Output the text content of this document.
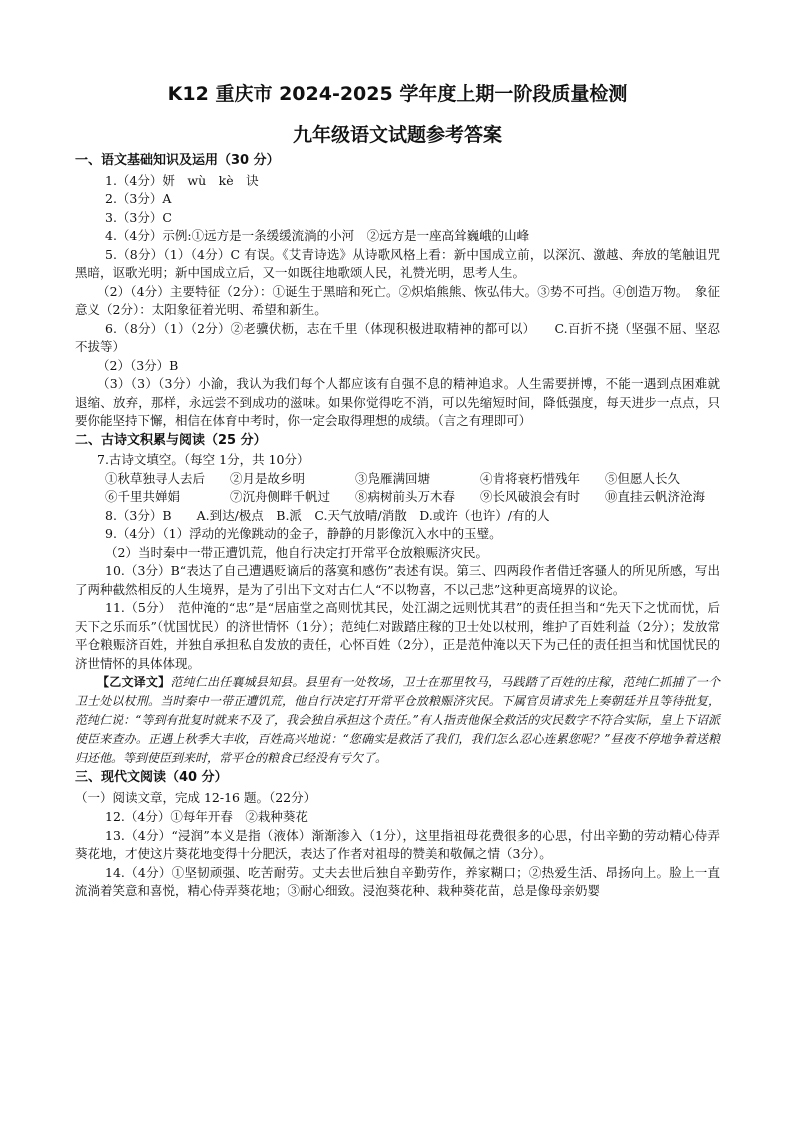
K12 重庆市 2024-2025 学年度上期一阶段质量检测

九年级语文试题参考答案

一、语文基础知识及运用（30 分）

1.（4分）妍　wù　kè　诀

2.（3分）A

3.（3分）C

4.（4分）示例:①远方是一条缓缓流淌的小河　②远方是一座高耸巍峨的山峰

5.（8分）（1）（4分）C 有误。《艾青诗选》从诗歌风格上看：新中国成立前，以深沉、激越、奔放的笔触诅咒黑暗，讴歌光明；新中国成立后，又一如既往地歌颂人民，礼赞光明，思考人生。

（2）（4分）主要特征（2分）：①诞生于黑暗和死亡。②炽焰熊熊、恢弘伟大。③势不可挡。④创造万物。　象征意义（2分）：太阳象征着光明、希望和新生。

6.（8分）（1）（2分）②老骥伏枥，志在千里（体现积极进取精神的都可以）　　C.百折不挠（坚强不屈、坚忍不拔等）

（2）（3分）B

（3）（3）（3分）小渝，我认为我们每个人都应该有自强不息的精神追求。人生需要拼博，不能一遇到点困难就退缩、放弃，那样，永远尝不到成功的滋味。如果你觉得吃不消，可以先缩短时间，降低强度，每天进步一点点，只要你能坚持下懈，相信在体育中考时，你一定会取得理想的成绩。（言之有理即可）

二、古诗文积累与阅读（25 分）

7.古诗文填空。（每空 1分，共 10分）

①秋草独寻人去后	②月是故乡明	③凫雁满回塘	④肯将衰朽惜残年	⑤但愿人长久
⑥千里共婵娟	⑦沉舟侧畔千帆过	⑧病树前头万木春	⑨长风破浪会有时	⑩直挂云帆济沧海

8.（3分）B　　A.到达/极点　B.派　C.天气放晴/消散　D.或许（也许）/有的人

9.（4分）（1）浮动的光像跳动的金子，静静的月影像沉入水中的玉璧。

（2）当时秦中一带正遭饥荒，他自行决定打开常平仓放粮赈济灾民。

10.（3分）B“表达了自己遭遇贬谪后的落寞和感伤”表述有误。第三、四两段作者借迁客骚人的所见所感，写出了两种截然相反的人生境界，是为了引出下文对古仁人“不以物喜，不以己悲”这种更高境界的议论。

11.（5分）　范仲淹的“忠”是“居庙堂之高则忧其民，处江湖之远则忧其君”的责任担当和“先天下之忧而忧，后天下之乐而乐”（忧国忧民）的济世情怀（1分）；范纯仁对跋踏庄稼的卫士处以杖刑，维护了百姓利益（2分）；发放常平仓粮赈济百姓，并独自承担私自发放的责任，心怀百姓（2分），正是范仲淹以天下为己任的责任担当和忧国忧民的济世情怀的具体体现。

【乙文译文】范纯仁出任襄城县知县。县里有一处牧场，卫士在那里牧马，马践踏了百姓的庄稼，范纯仁抓捕了一个卫士处以杖刑。当时秦中一带正遭饥荒，他自行决定打开常平仓放粮赈济灾民。下属官员请求先上奏朝廷并且等待批复，范纯仁说：“等到有批复时就来不及了，我会独自承担这个责任。”有人指责他保全救活的灾民数字不符合实际，皇上下诏派使臣来查办。正遇上秋季大丰收，百姓高兴地说：“您确实是救活了我们，我们怎么忍心连累您呢？”昼夜不停地争着送粮归还他。等到使臣到来时，常平仓的粮食已经没有亏欠了。

三、现代文阅读（40 分）

（一）阅读文章，完成 12-16 题。（22分）

12.（4分）①每年开春　②栽种葵花

13.（4分）“浸润”本义是指（液体）渐渐渗入（1分），这里指祖母花费很多的心思，付出辛勤的劳动精心侍弄葵花地，才使这片葵花地变得十分肥沃，表达了作者对祖母的赞美和敬佩之情（3分）。

14.（4分）①坚韧顽强、吃苦耐劳。丈夫去世后独自辛勤劳作，养家糊口；②热爱生活、昂扬向上。脸上一直流淌着笑意和喜悦，精心侍弄葵花地；③耐心细致。浸泡葵花种、栽种葵花苗，总是像母亲奶婴
